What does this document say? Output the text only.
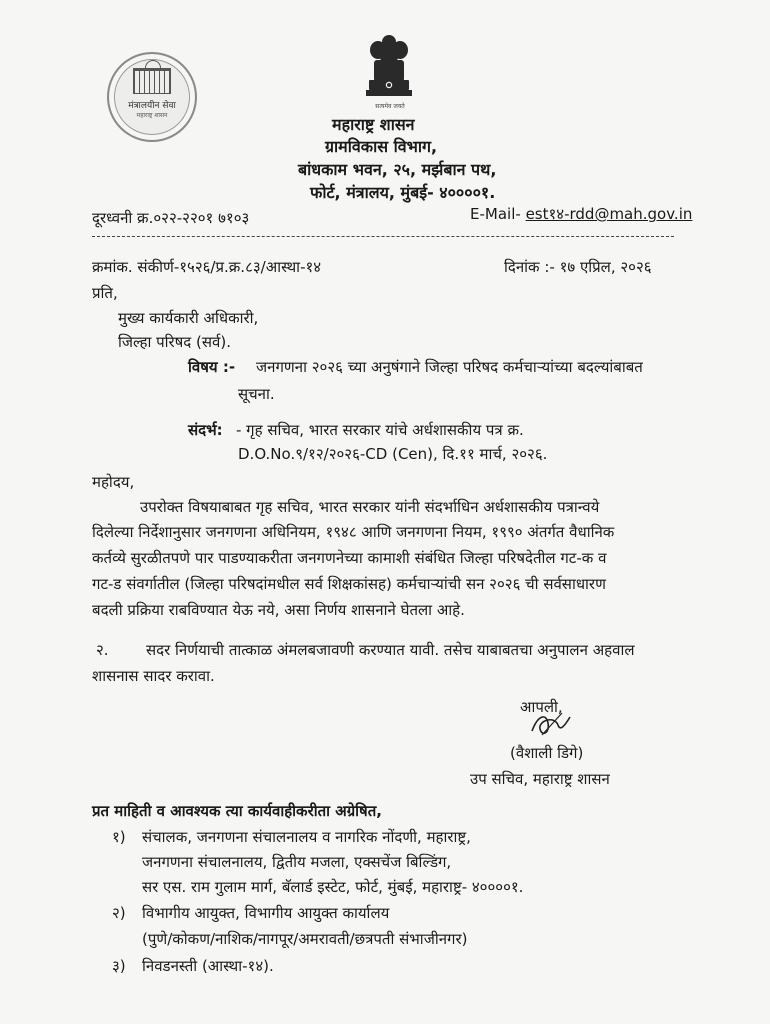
मंत्रालयीन सेवा
महाराष्ट्र शासन
सत्यमेव जयते
महाराष्ट्र शासन
ग्रामविकास विभाग,
बांधकाम भवन, २५, मर्झबान पथ,
फोर्ट, मंत्रालय, मुंबई- ४००००१.
दूरध्वनी क्र.०२२-२२०१ ७१०३	E-Mail- est१४-rdd@mah.gov.in
क्रमांक. संकीर्ण-१५२६/प्र.क्र.८३/आस्था-१४	दिनांक :- १७ एप्रिल, २०२६
प्रति,
मुख्य कार्यकारी अधिकारी,
जिल्हा परिषद (सर्व).
विषय :- जनगणना २०२६ च्या अनुषंगाने जिल्हा परिषद कर्मचाऱ्यांच्या बदल्यांबाबत
सूचना.
संदर्भ: - गृह सचिव, भारत सरकार यांचे अर्धशासकीय पत्र क्र.
D.O.No.९/१२/२०२६-CD (Cen), दि.११ मार्च, २०२६.
महोदय,
उपरोक्त विषयाबाबत गृह सचिव, भारत सरकार यांनी संदर्भाधिन अर्धशासकीय पत्रान्वये
दिलेल्या निर्देशानुसार जनगणना अधिनियम, १९४८ आणि जनगणना नियम, १९९० अंतर्गत वैधानिक
कर्तव्ये सुरळीतपणे पार पाडण्याकरीता जनगणनेच्या कामाशी संबंधित जिल्हा परिषदेतील गट-क व
गट-ड संवर्गातील (जिल्हा परिषदांमधील सर्व शिक्षकांसह) कर्मचाऱ्यांची सन २०२६ ची सर्वसाधारण
बदली प्रक्रिया राबविण्यात येऊ नये, असा निर्णय शासनाने घेतला आहे.
२. सदर निर्णयाची तात्काळ अंमलबजावणी करण्यात यावी. तसेच याबाबतचा अनुपालन अहवाल
शासनास सादर करावा.
आपली,
(वैशाली डिगे)
उप सचिव, महाराष्ट्र शासन
प्रत माहिती व आवश्यक त्या कार्यवाहीकरीता अग्रेषित,
१) संचालक, जनगणना संचालनालय व नागरिक नोंदणी, महाराष्ट्र,
जनगणना संचालनालय, द्वितीय मजला, एक्सचेंज बिल्डिंग,
सर एस. राम गुलाम मार्ग, बॅलार्ड इस्टेट, फोर्ट, मुंबई, महाराष्ट्र- ४००००१.
२) विभागीय आयुक्त, विभागीय आयुक्त कार्यालय
(पुणे/कोकण/नाशिक/नागपूर/अमरावती/छत्रपती संभाजीनगर)
३) निवडनस्ती (आस्था-१४).
